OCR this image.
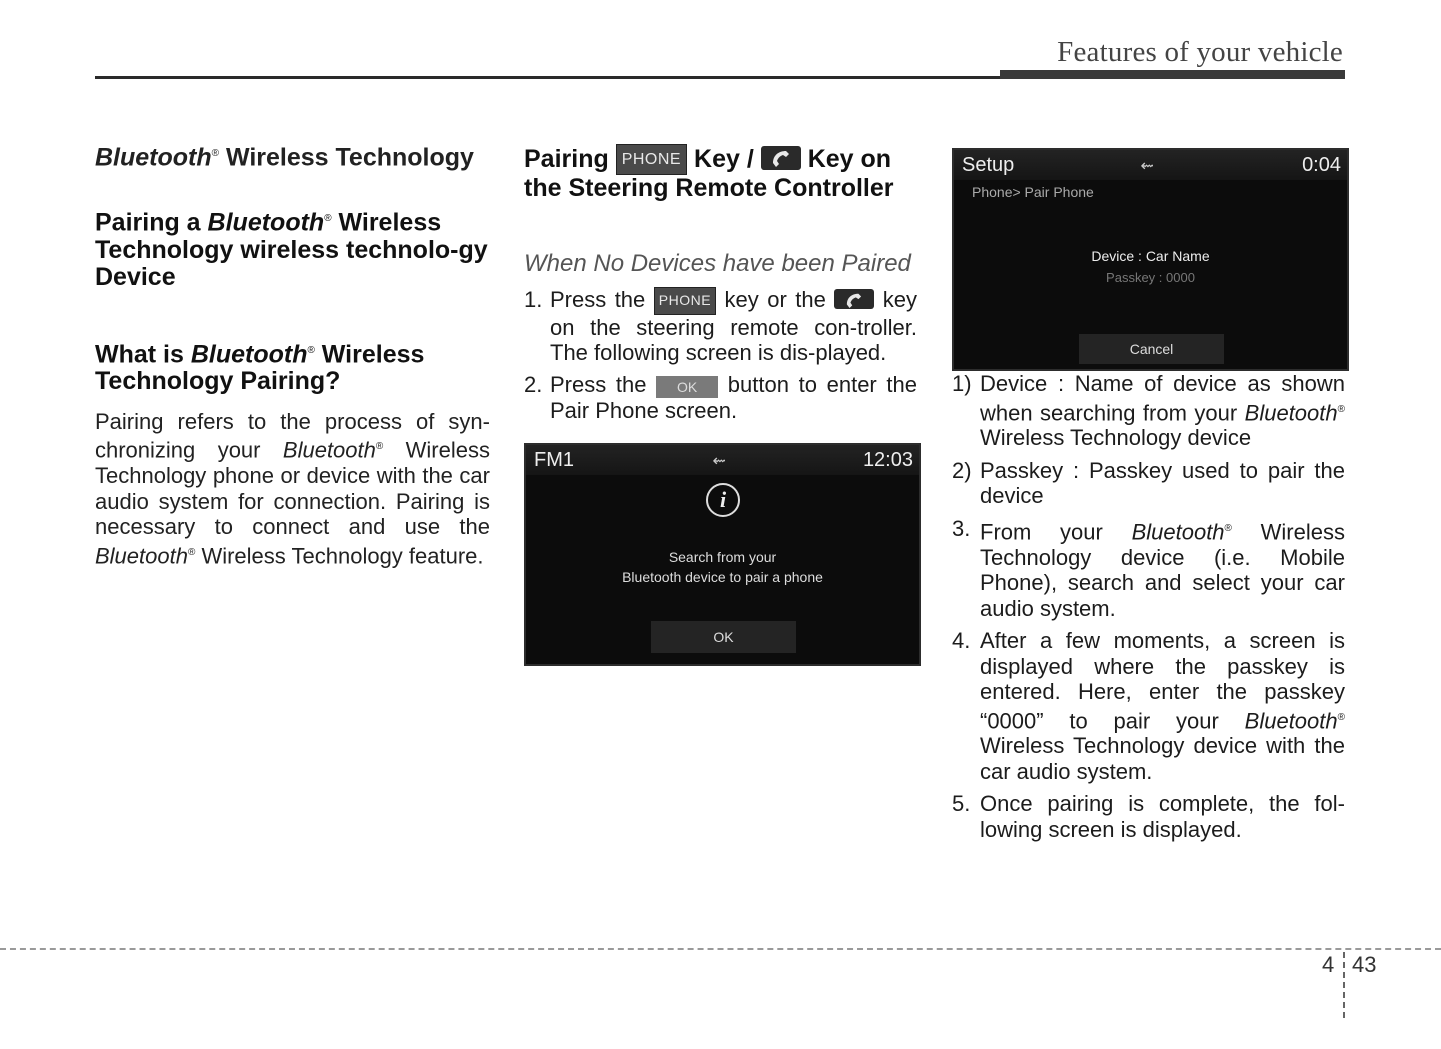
Features of your vehicle
Bluetooth® Wireless Technology
Pairing a Bluetooth® Wireless Technology wireless technolo-gy Device
What is Bluetooth® Wireless Technology Pairing?
Pairing refers to the process of syn-chronizing your Bluetooth® Wireless Technology phone or device with the car audio system for connection. Pairing is necessary to connect and use the Bluetooth® Wireless Technology feature.
Pairing PHONE Key /
Key on the Steering Remote Controller
When No Devices have been Paired
1. Press the PHONE key or the
key on the steering remote con-troller. The following screen is dis-played.
2. Press the OK button to enter the Pair Phone screen.
FM1	⇜	12:03
i
Search from your
Bluetooth device to pair a phone
OK
Setup	⇜	0:04
Phone> Pair Phone
Device : Car Name
Passkey : 0000
Cancel
1) Device : Name of device as shown when searching from your Bluetooth® Wireless Technology device
2) Passkey : Passkey used to pair the device
3. From your Bluetooth® Wireless Technology device (i.e. Mobile Phone), search and select your car audio system.
4. After a few moments, a screen is displayed where the passkey is entered. Here, enter the passkey “0000” to pair your Bluetooth® Wireless Technology device with the car audio system.
5. Once pairing is complete, the fol-lowing screen is displayed.
4 43
